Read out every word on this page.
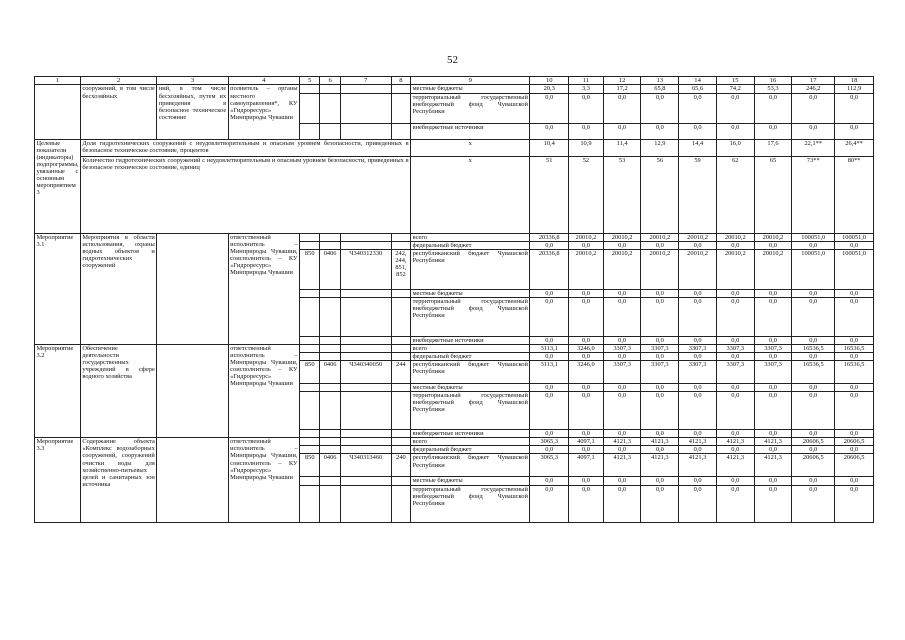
52
1	2	3	4	5	6	7	8	9	10	11	12	13	14	15	16	17	18
	сооружений, в том числе бесхозяйных	ний, в том числе бесхозяйных, путем их приведения в безопасное техническое состояние	полнитель – органы местного самоуправления*, КУ «Гидроресурс» Минприроды Чувашии					местные бюджеты	20,3	3,3	17,2	65,8	65,6	74,2	53,3	246,2	112,9
								территориальный государственный внебюджетный фонд Чувашской Республики	0,0	0,0	0,0	0,0	0,0	0,0	0,0	0,0	0,0
								внебюджетные источники	0,0	0,0	0,0	0,0	0,0	0,0	0,0	0,0	0,0
Целевые показатели (индикаторы) подпрограммы, увязанные с основным мероприятием 3	Доля гидротехнических сооружений с неудовлетворительным и опасным уровнем безопасности, приведенных в безопасное техническое состояние, процентов							x	10,4	10,9	11,4	12,9	14,4	16,0	17,6	22,1**	26,4**
	Количество гидротехнических сооружений с неудовлетворительным и опасным уровнем безопасности, приведенных в безопасное техническое состояние, единиц							x	51	52	53	56	59	62	65	73**	80**
Мероприятие 3.1	Мероприятия в области использования, охраны водных объектов и гидротехнических сооружений		ответственный исполнитель – Минприроды Чувашии, соисполнитель – КУ «Гидроресурс» Минприроды Чувашии					всего	20336,8	20010,2	20010,2	20010,2	20010,2	20010,2	20010,2	100051,0	100051,0
								федеральный бюджет	0,0	0,0	0,0	0,0	0,0	0,0	0,0	0,0	0,0
				850	0406	Ч340312330	242, 244, 851, 852	республиканский бюджет Чувашской Республики	20336,8	20010,2	20010,2	20010,2	20010,2	20010,2	20010,2	100051,0	100051,0
								местные бюджеты	0,0	0,0	0,0	0,0	0,0	0,0	0,0	0,0	0,0
								территориальный государственный внебюджетный фонд Чувашской Республики	0,0	0,0	0,0	0,0	0,0	0,0	0,0	0,0	0,0
								внебюджетные источники	0,0	0,0	0,0	0,0	0,0	0,0	0,0	0,0	0,0
Мероприятие 3.2	Обеспечение деятельности государственных учреждений в сфере водного хозяйства		ответственный исполнитель – Минприроды Чувашии, соисполнитель – КУ «Гидроресурс» Минприроды Чувашии					всего	3113,1	3246,0	3307,3	3307,3	3307,3	3307,3	3307,3	16536,5	16536,5
								федеральный бюджет	0,0	0,0	0,0	0,0	0,0	0,0	0,0	0,0	0,0
				850	0406	Ч340340050	244	республиканский бюджет Чувашской Республики	3113,1	3246,0	3307,3	3307,3	3307,3	3307,3	3307,3	16536,5	16536,5
								местные бюджеты	0,0	0,0	0,0	0,0	0,0	0,0	0,0	0,0	0,0
								территориальный государственный внебюджетный фонд Чувашской Республики	0,0	0,0	0,0	0,0	0,0	0,0	0,0	0,0	0,0
								внебюджетные источники	0,0	0,0	0,0	0,0	0,0	0,0	0,0	0,0	0,0
Мероприятие 3.3	Содержание объекта «Комплекс водозаборных сооружений, сооружений очистки воды для хозяйственно-питьевых целей и санитарных зон источника		ответственный исполнитель – Минприроды Чувашии, соисполнитель – КУ «Гидроресурс» Минприроды Чувашии					всего	3065,3	4097,1	4121,3	4121,3	4121,3	4121,3	4121,3	20606,5	20606,5
								федеральный бюджет	0,0	0,0	0,0	0,0	0,0	0,0	0,0	0,0	0,0
				850	0406	Ч340313460	240	республиканский бюджет Чувашской Республики	3065,3	4097,1	4121,3	4121,3	4121,3	4121,3	4121,3	20606,5	20606,5
								местные бюджеты	0,0	0,0	0,0	0,0	0,0	0,0	0,0	0,0	0,0
								территориальный государственный внебюджетный фонд Чувашской Республики	0,0	0,0	0,0	0,0	0,0	0,0	0,0	0,0	0,0
